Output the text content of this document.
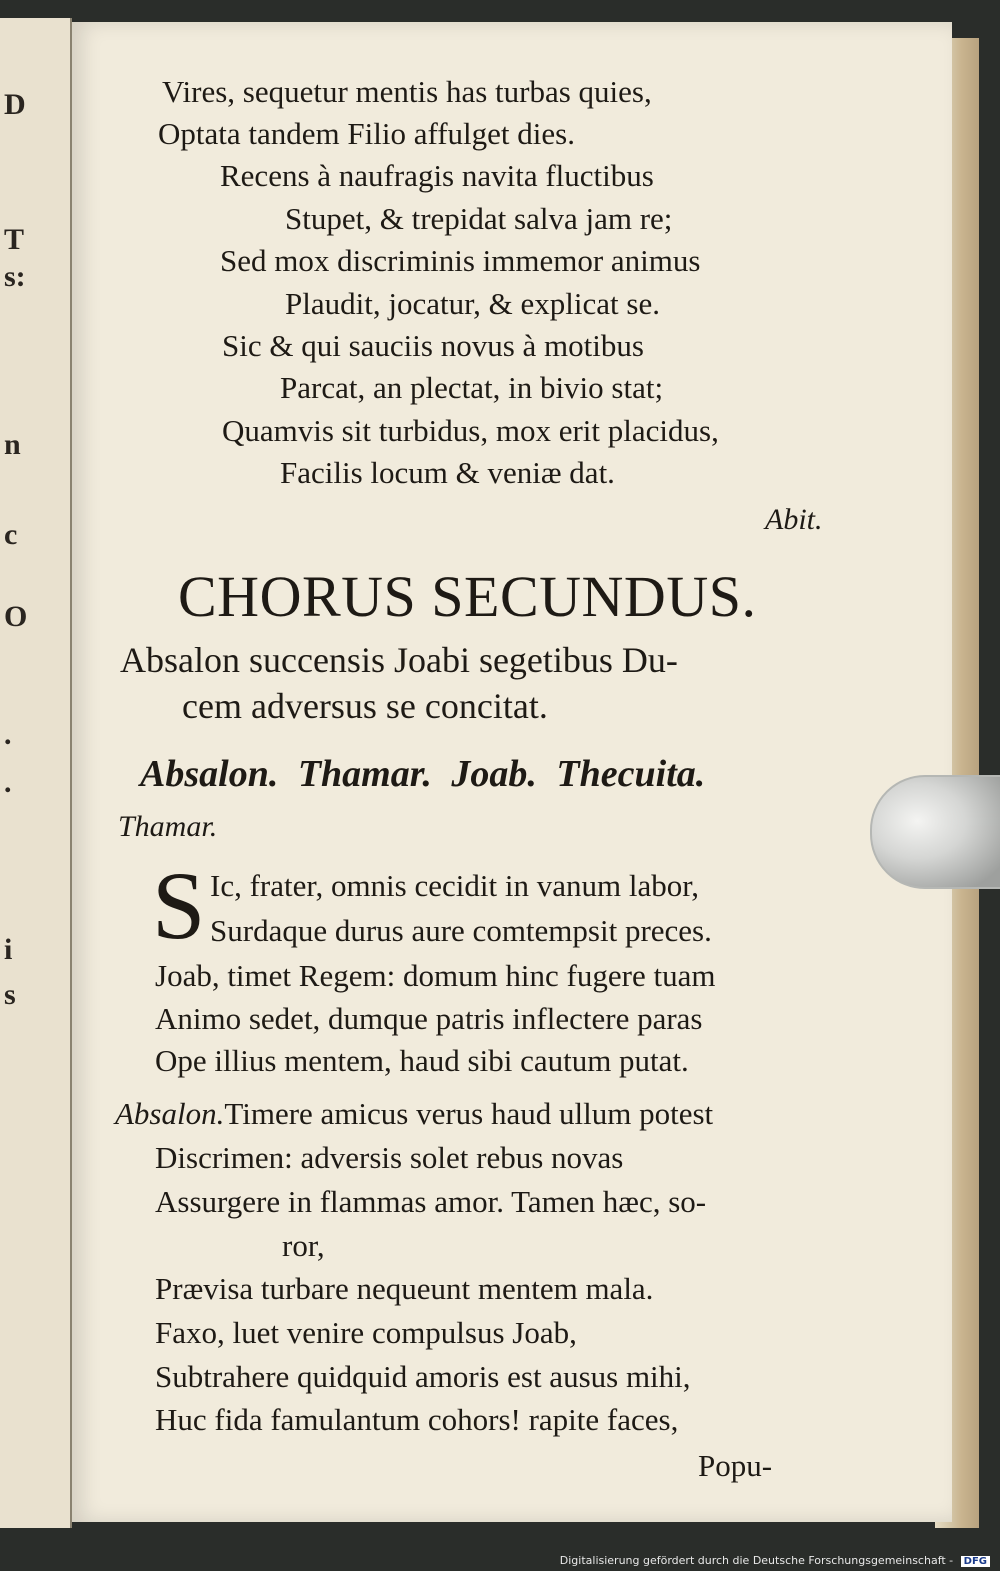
D
T
s:
n
c
O
.
.
i
s
Vires, sequetur mentis has turbas quies,
Optata tandem Filio affulget dies.
Recens à naufragis navita fluctibus
Stupet, & trepidat salva jam re;
Sed mox discriminis immemor animus
Plaudit, jocatur, & explicat se.
Sic & qui sauciis novus à motibus
Parcat, an plectat, in bivio stat;
Quamvis sit turbidus, mox erit placidus,
Facilis locum & veniæ dat.
Abit.
CHORUS SECUNDUS.
Absalon succensis Joabi segetibus Du-
cem adversus se concitat.
Absalon. Thamar. Joab. Thecuita.
Thamar.
S Ic, frater, omnis cecidit in vanum labor,
Surdaque durus aure comtempsit preces.
Joab, timet Regem: domum hinc fugere tuam
Animo sedet, dumque patris inflectere paras
Ope illius mentem, haud sibi cautum putat.
Absalon.Timere amicus verus haud ullum potest
Discrimen: adversis solet rebus novas
Assurgere in flammas amor. Tamen hæc, so-
ror,
Prævisa turbare nequeunt mentem mala.
Faxo, luet venire compulsus Joab,
Subtrahere quidquid amoris est ausus mihi,
Huc fida famulantum cohors! rapite faces,
Popu-
Digitalisierung gefördert durch die Deutsche Forschungsgemeinschaft - DFG
